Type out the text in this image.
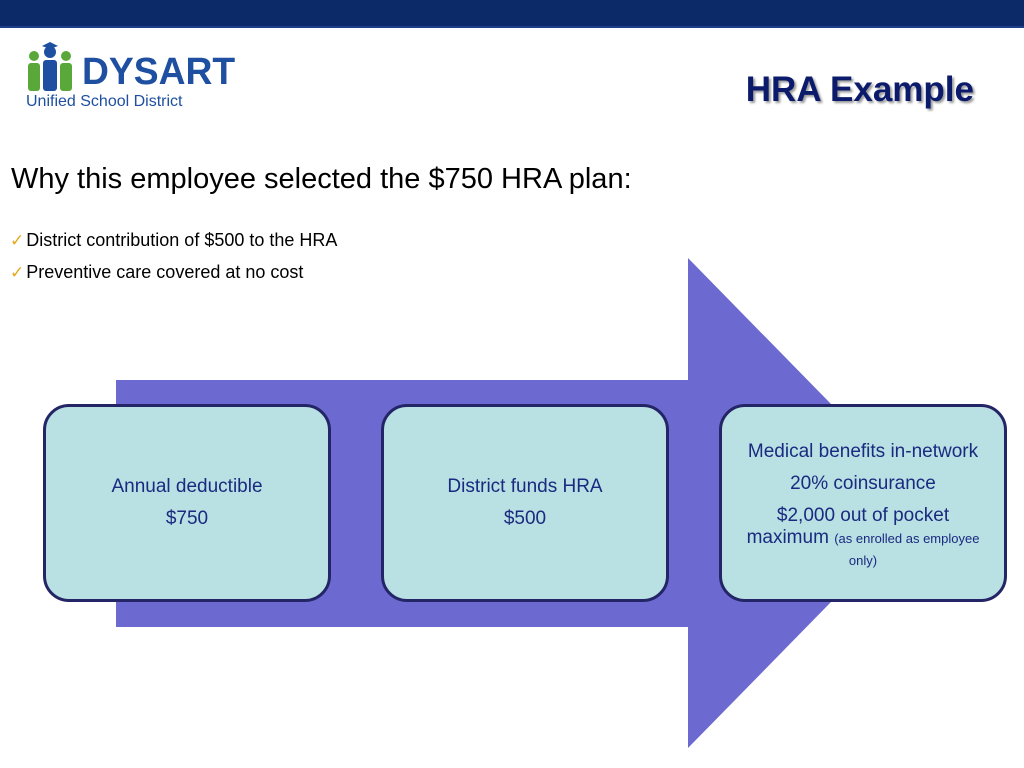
DYSART
Unified School District	HRA Example
Why this employee selected the $750 HRA plan:
✓ District contribution of $500 to the HRA
✓ Preventive care covered at no cost
Annual deductible
$750
District funds HRA
$500
Medical benefits in-network
20% coinsurance
$2,000 out of pocket maximum (as enrolled as employee only)
